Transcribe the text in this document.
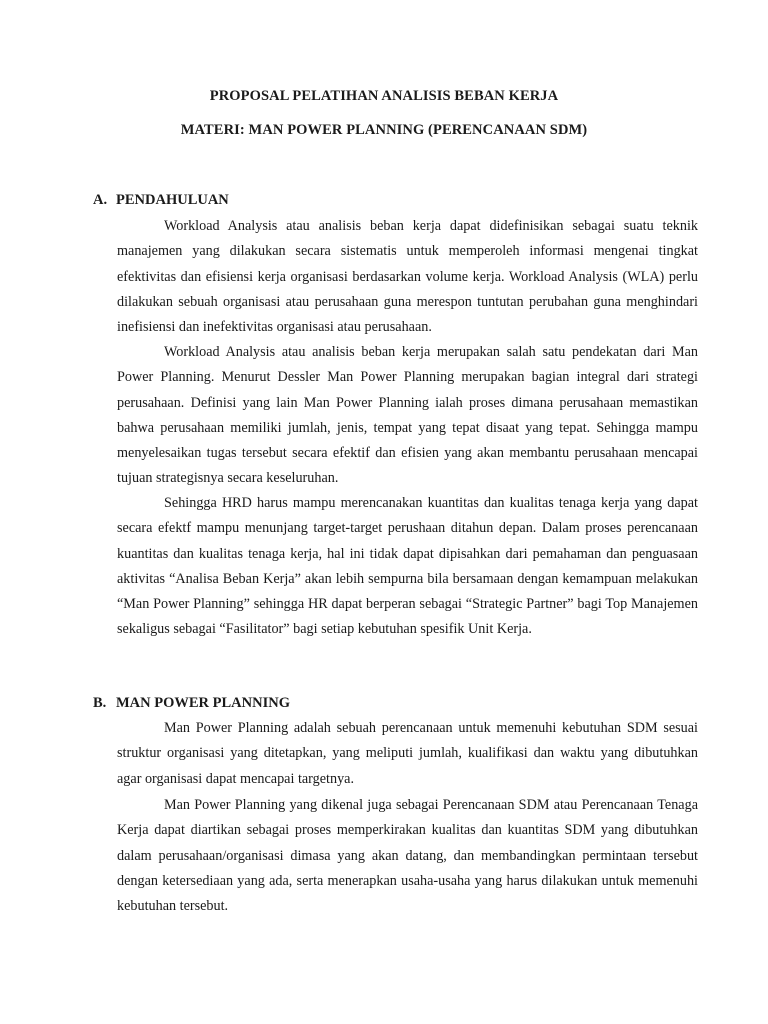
PROPOSAL PELATIHAN ANALISIS BEBAN KERJA
MATERI: MAN POWER PLANNING (PERENCANAAN SDM)
A. PENDAHULUAN

Workload Analysis atau analisis beban kerja dapat didefinisikan sebagai suatu teknik manajemen yang dilakukan secara sistematis untuk memperoleh informasi mengenai tingkat efektivitas dan efisiensi kerja organisasi berdasarkan volume kerja. Workload Analysis (WLA) perlu dilakukan sebuah organisasi atau perusahaan guna merespon tuntutan perubahan guna menghindari inefisiensi dan inefektivitas organisasi atau perusahaan.

Workload Analysis atau analisis beban kerja merupakan salah satu pendekatan dari Man Power Planning. Menurut Dessler Man Power Planning merupakan bagian integral dari strategi perusahaan. Definisi yang lain Man Power Planning ialah proses dimana perusahaan memastikan bahwa perusahaan memiliki jumlah, jenis, tempat yang tepat disaat yang tepat. Sehingga mampu menyelesaikan tugas tersebut secara efektif dan efisien yang akan membantu perusahaan mencapai tujuan strategisnya secara keseluruhan.

Sehingga HRD harus mampu merencanakan kuantitas dan kualitas tenaga kerja yang dapat secara efektf mampu menunjang target-target perushaan ditahun depan. Dalam proses perencanaan kuantitas dan kualitas tenaga kerja, hal ini tidak dapat dipisahkan dari pemahaman dan penguasaan aktivitas “Analisa Beban Kerja” akan lebih sempurna bila bersamaan dengan kemampuan melakukan “Man Power Planning” sehingga HR dapat berperan sebagai “Strategic Partner” bagi Top Manajemen sekaligus sebagai “Fasilitator” bagi setiap kebutuhan spesifik Unit Kerja.

B. MAN POWER PLANNING

Man Power Planning adalah sebuah perencanaan untuk memenuhi kebutuhan SDM sesuai struktur organisasi yang ditetapkan, yang meliputi jumlah, kualifikasi dan waktu yang dibutuhkan agar organisasi dapat mencapai targetnya.

Man Power Planning yang dikenal juga sebagai Perencanaan SDM atau Perencanaan Tenaga Kerja dapat diartikan sebagai proses memperkirakan kualitas dan kuantitas SDM yang dibutuhkan dalam perusahaan/organisasi dimasa yang akan datang, dan membandingkan permintaan tersebut dengan ketersediaan yang ada, serta menerapkan usaha-usaha yang harus dilakukan untuk memenuhi kebutuhan tersebut.
